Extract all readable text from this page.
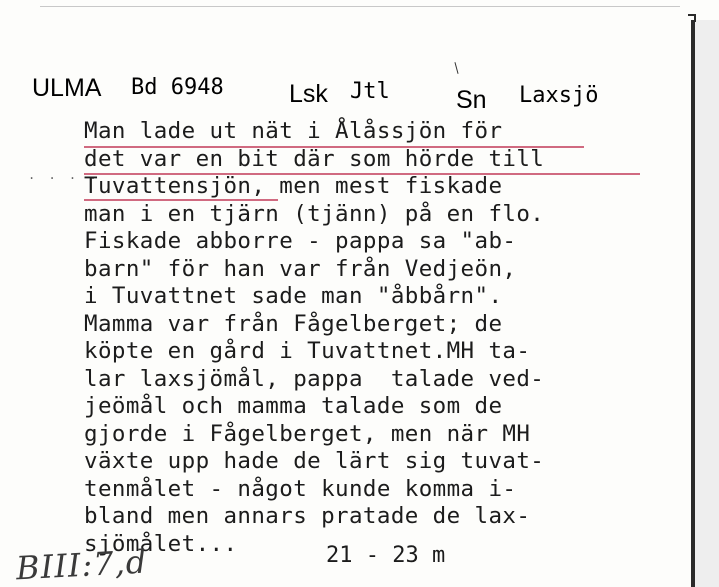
ULMA Bd 6948	Lsk Jtl	Sn Laxsjö
. . . .
Man lade ut nät i Ålåssjön för
det var en bit där som hörde till
Tuvattensjön, men mest fiskade
man i en tjärn (tjänn) på en flo.
Fiskade abborre - pappa sa "ab-
barn" för han var från Vedjeön,
i Tuvattnet sade man "åbbårn".
Mamma var från Fågelberget; de
köpte en gård i Tuvattnet.MH ta-
lar laxsjömål, pappa  talade ved-
jeömål och mamma talade som de
gjorde i Fågelberget, men när MH
växte upp hade de lärt sig tuvat-
tenmålet - något kunde komma i-
bland men annars pratade de lax-
sjömålet...	21 - 23 m
BIII:7,d
